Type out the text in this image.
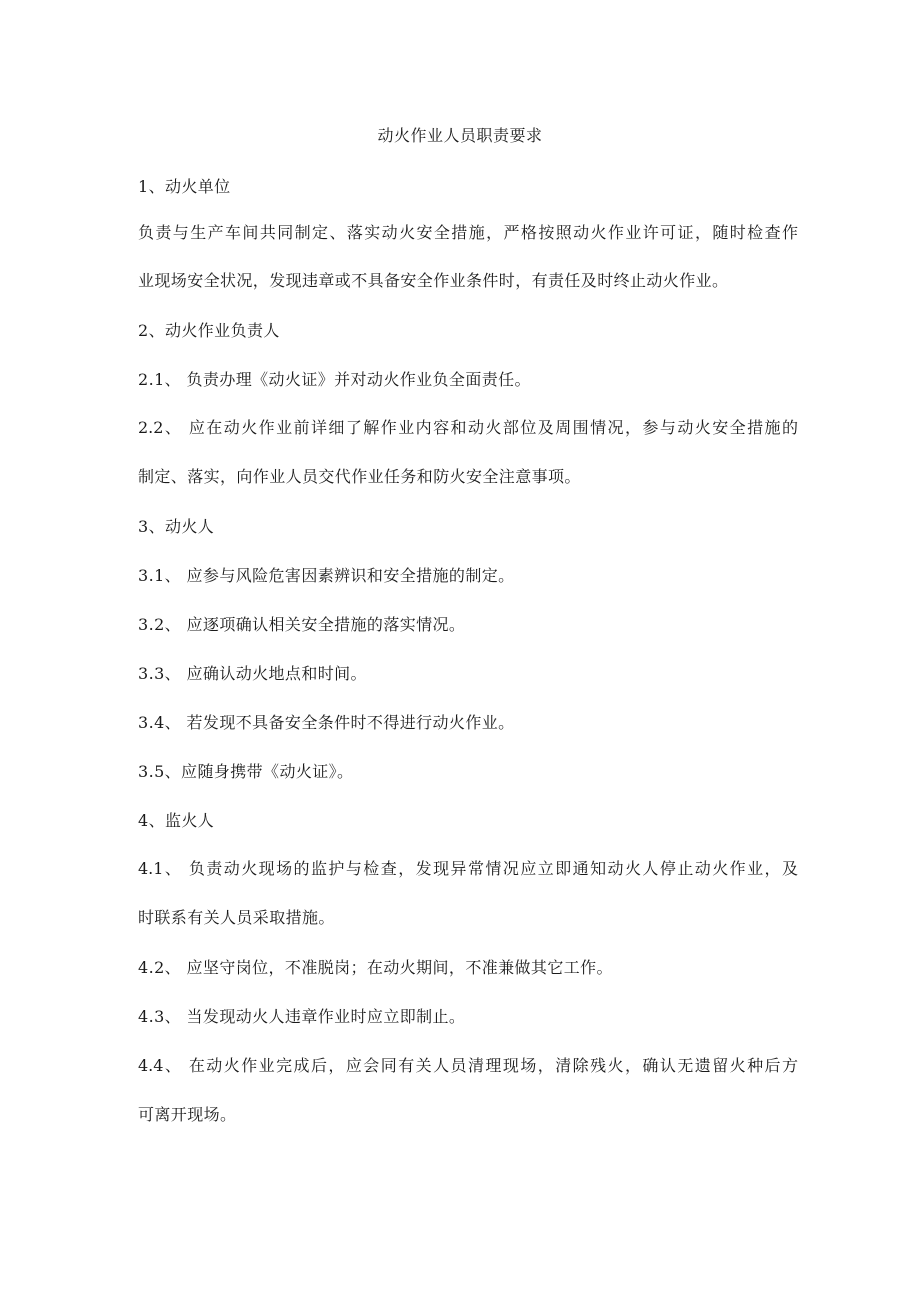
动火作业人员职责要求
1、动火单位
负责与生产车间共同制定、落实动火安全措施，严格按照动火作业许可证，随时检查作
业现场安全状况，发现违章或不具备安全作业条件时，有责任及时终止动火作业。
2、动火作业负责人
2.1、 负责办理《动火证》并对动火作业负全面责任。
2.2、 应在动火作业前详细了解作业内容和动火部位及周围情况，参与动火安全措施的
制定、落实，向作业人员交代作业任务和防火安全注意事项。
3、动火人
3.1、 应参与风险危害因素辨识和安全措施的制定。
3.2、 应逐项确认相关安全措施的落实情况。
3.3、 应确认动火地点和时间。
3.4、 若发现不具备安全条件时不得进行动火作业。
3.5、应随身携带《动火证》。
4、监火人
4.1、 负责动火现场的监护与检查，发现异常情况应立即通知动火人停止动火作业，及
时联系有关人员采取措施。
4.2、 应坚守岗位，不准脱岗；在动火期间，不准兼做其它工作。
4.3、 当发现动火人违章作业时应立即制止。
4.4、 在动火作业完成后，应会同有关人员清理现场，清除残火，确认无遗留火种后方
可离开现场。
